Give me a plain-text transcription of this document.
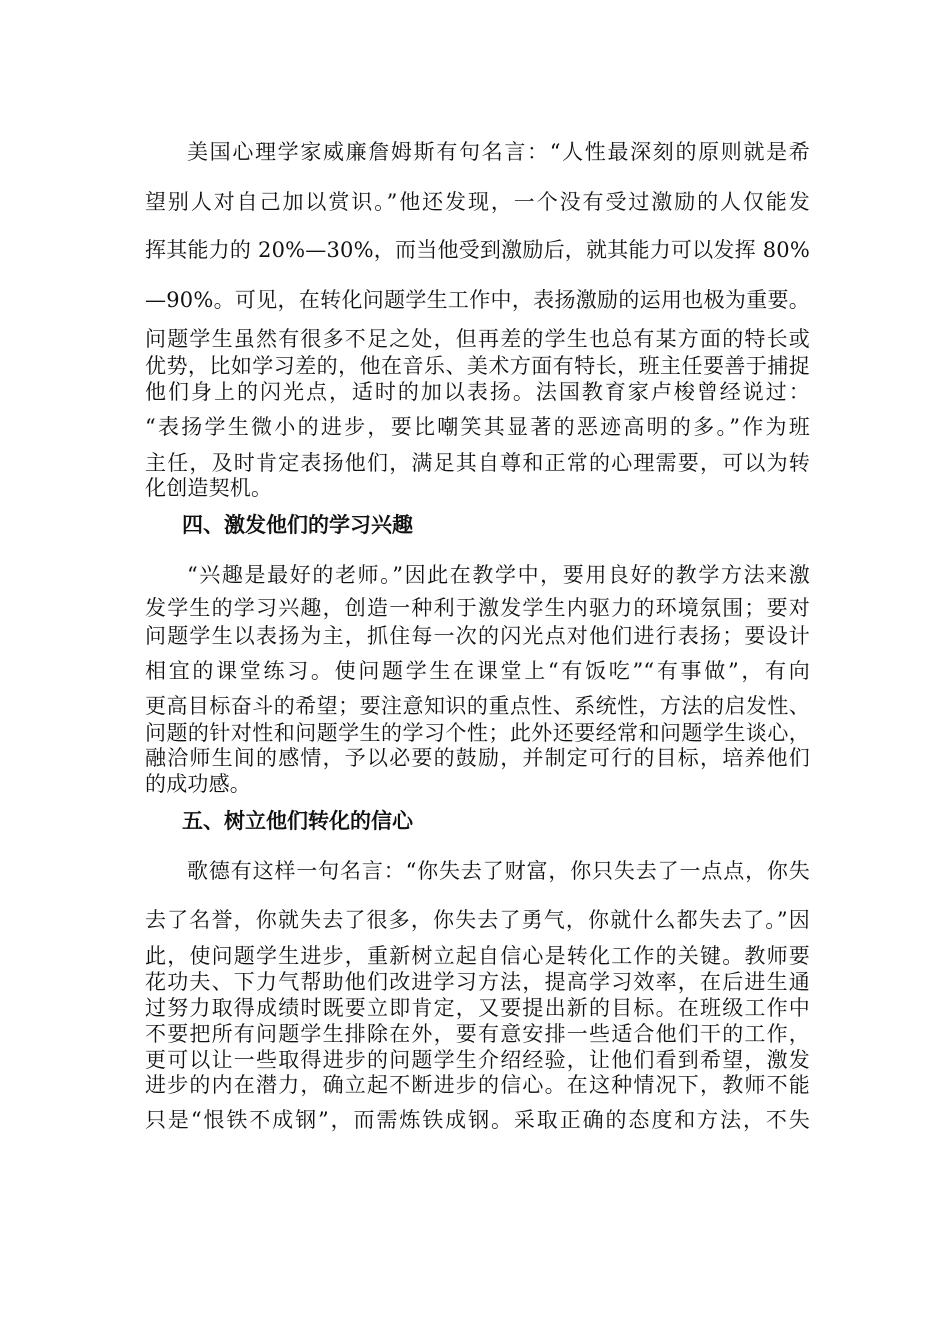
美国心理学家威廉詹姆斯有句名言：“人性最深刻的原则就是希
望别人对自己加以赏识。”他还发现，一个没有受过激励的人仅能发
挥其能力的 20%—30%，而当他受到激励后，就其能力可以发挥 80%
—90%。可见，在转化问题学生工作中，表扬激励的运用也极为重要。
问题学生虽然有很多不足之处，但再差的学生也总有某方面的特长或
优势，比如学习差的，他在音乐、美术方面有特长，班主任要善于捕捉
他们身上的闪光点，适时的加以表扬。法国教育家卢梭曾经说过：
“表扬学生微小的进步，要比嘲笑其显著的恶迹高明的多。”作为班
主任，及时肯定表扬他们，满足其自尊和正常的心理需要，可以为转
化创造契机。
四、激发他们的学习兴趣
“兴趣是最好的老师。”因此在教学中，要用良好的教学方法来激
发学生的学习兴趣，创造一种利于激发学生内驱力的环境氛围；要对
问题学生以表扬为主，抓住每一次的闪光点对他们进行表扬；要设计
相宜的课堂练习。使问题学生在课堂上“有饭吃”“有事做”，有向
更高目标奋斗的希望；要注意知识的重点性、系统性，方法的启发性、
问题的针对性和问题学生的学习个性；此外还要经常和问题学生谈心，
融洽师生间的感情，予以必要的鼓励，并制定可行的目标，培养他们
的成功感。
五、树立他们转化的信心
歌德有这样一句名言：“你失去了财富，你只失去了一点点，你失
去了名誉，你就失去了很多，你失去了勇气，你就什么都失去了。”因
此，使问题学生进步，重新树立起自信心是转化工作的关键。教师要
花功夫、下力气帮助他们改进学习方法，提高学习效率，在后进生通
过努力取得成绩时既要立即肯定，又要提出新的目标。在班级工作中
不要把所有问题学生排除在外，要有意安排一些适合他们干的工作，
更可以让一些取得进步的问题学生介绍经验，让他们看到希望，激发
进步的内在潜力，确立起不断进步的信心。在这种情况下，教师不能
只是“恨铁不成钢”，而需炼铁成钢。采取正确的态度和方法，不失
